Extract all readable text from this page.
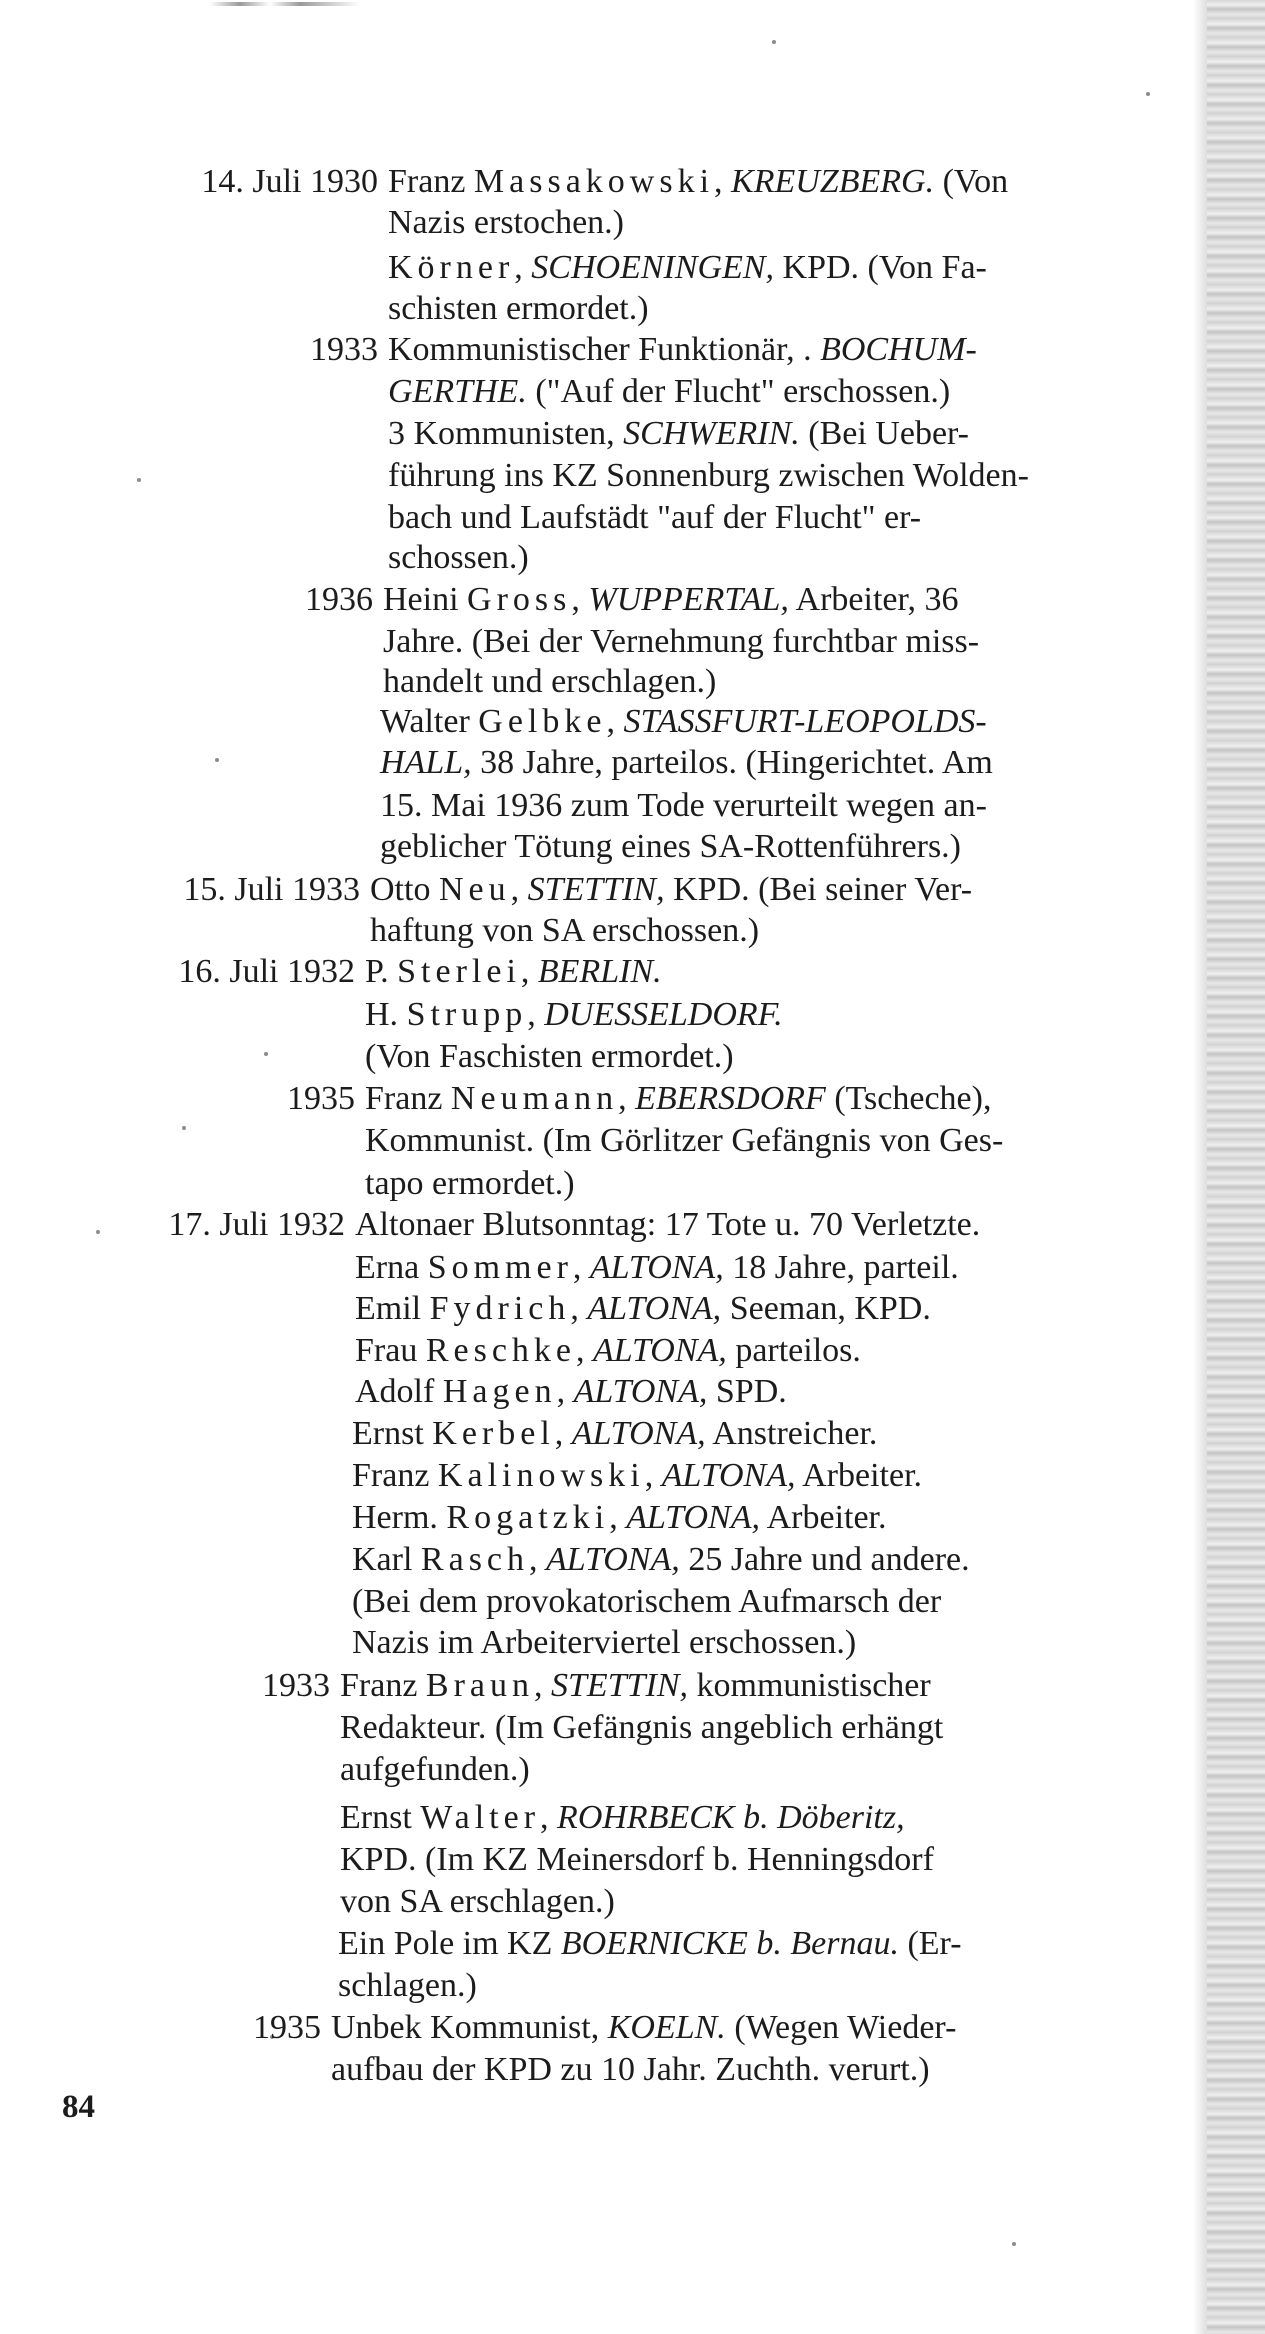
14. Juli 1930 Franz Massakowski, KREUZBERG. (Von
Nazis erstochen.)
Körner, SCHOENINGEN, KPD. (Von Fa-
schisten ermordet.)
1933 Kommunistischer Funktionär, . BOCHUM-
GERTHE. ("Auf der Flucht" erschossen.)
3 Kommunisten, SCHWERIN. (Bei Ueber-
führung ins KZ Sonnenburg zwischen Wolden-
bach und Laufstädt "auf der Flucht" er-
schossen.)
1936 Heini Gross, WUPPERTAL, Arbeiter, 36
Jahre. (Bei der Vernehmung furchtbar miss-
handelt und erschlagen.)
Walter Gelbke, STASSFURT-LEOPOLDS-
HALL, 38 Jahre, parteilos. (Hingerichtet. Am
15. Mai 1936 zum Tode verurteilt wegen an-
geblicher Tötung eines SA-Rottenführers.)
15. Juli 1933 Otto Neu, STETTIN, KPD. (Bei seiner Ver-
haftung von SA erschossen.)
16. Juli 1932 P. Sterlei, BERLIN.
H. Strupp, DUESSELDORF.
(Von Faschisten ermordet.)
1935 Franz Neumann, EBERSDORF (Tscheche),
Kommunist. (Im Görlitzer Gefängnis von Ges-
tapo ermordet.)
17. Juli 1932 Altonaer Blutsonntag: 17 Tote u. 70 Verletzte.
Erna Sommer, ALTONA, 18 Jahre, parteil.
Emil Fydrich, ALTONA, Seeman, KPD.
Frau Reschke, ALTONA, parteilos.
Adolf Hagen, ALTONA, SPD.
Ernst Kerbel, ALTONA, Anstreicher.
Franz Kalinowski, ALTONA, Arbeiter.
Herm. Rogatzki, ALTONA, Arbeiter.
Karl Rasch, ALTONA, 25 Jahre und andere.
(Bei dem provokatorischem Aufmarsch der
Nazis im Arbeiterviertel erschossen.)
1933 Franz Braun, STETTIN, kommunistischer
Redakteur. (Im Gefängnis angeblich erhängt
aufgefunden.)
Ernst Walter, ROHRBECK b. Döberitz,
KPD. (Im KZ Meinersdorf b. Henningsdorf
von SA erschlagen.)
Ein Pole im KZ BOERNICKE b. Bernau. (Er-
schlagen.)
1935 Unbek Kommunist, KOELN. (Wegen Wieder-
aufbau der KPD zu 10 Jahr. Zuchth. verurt.)
84
